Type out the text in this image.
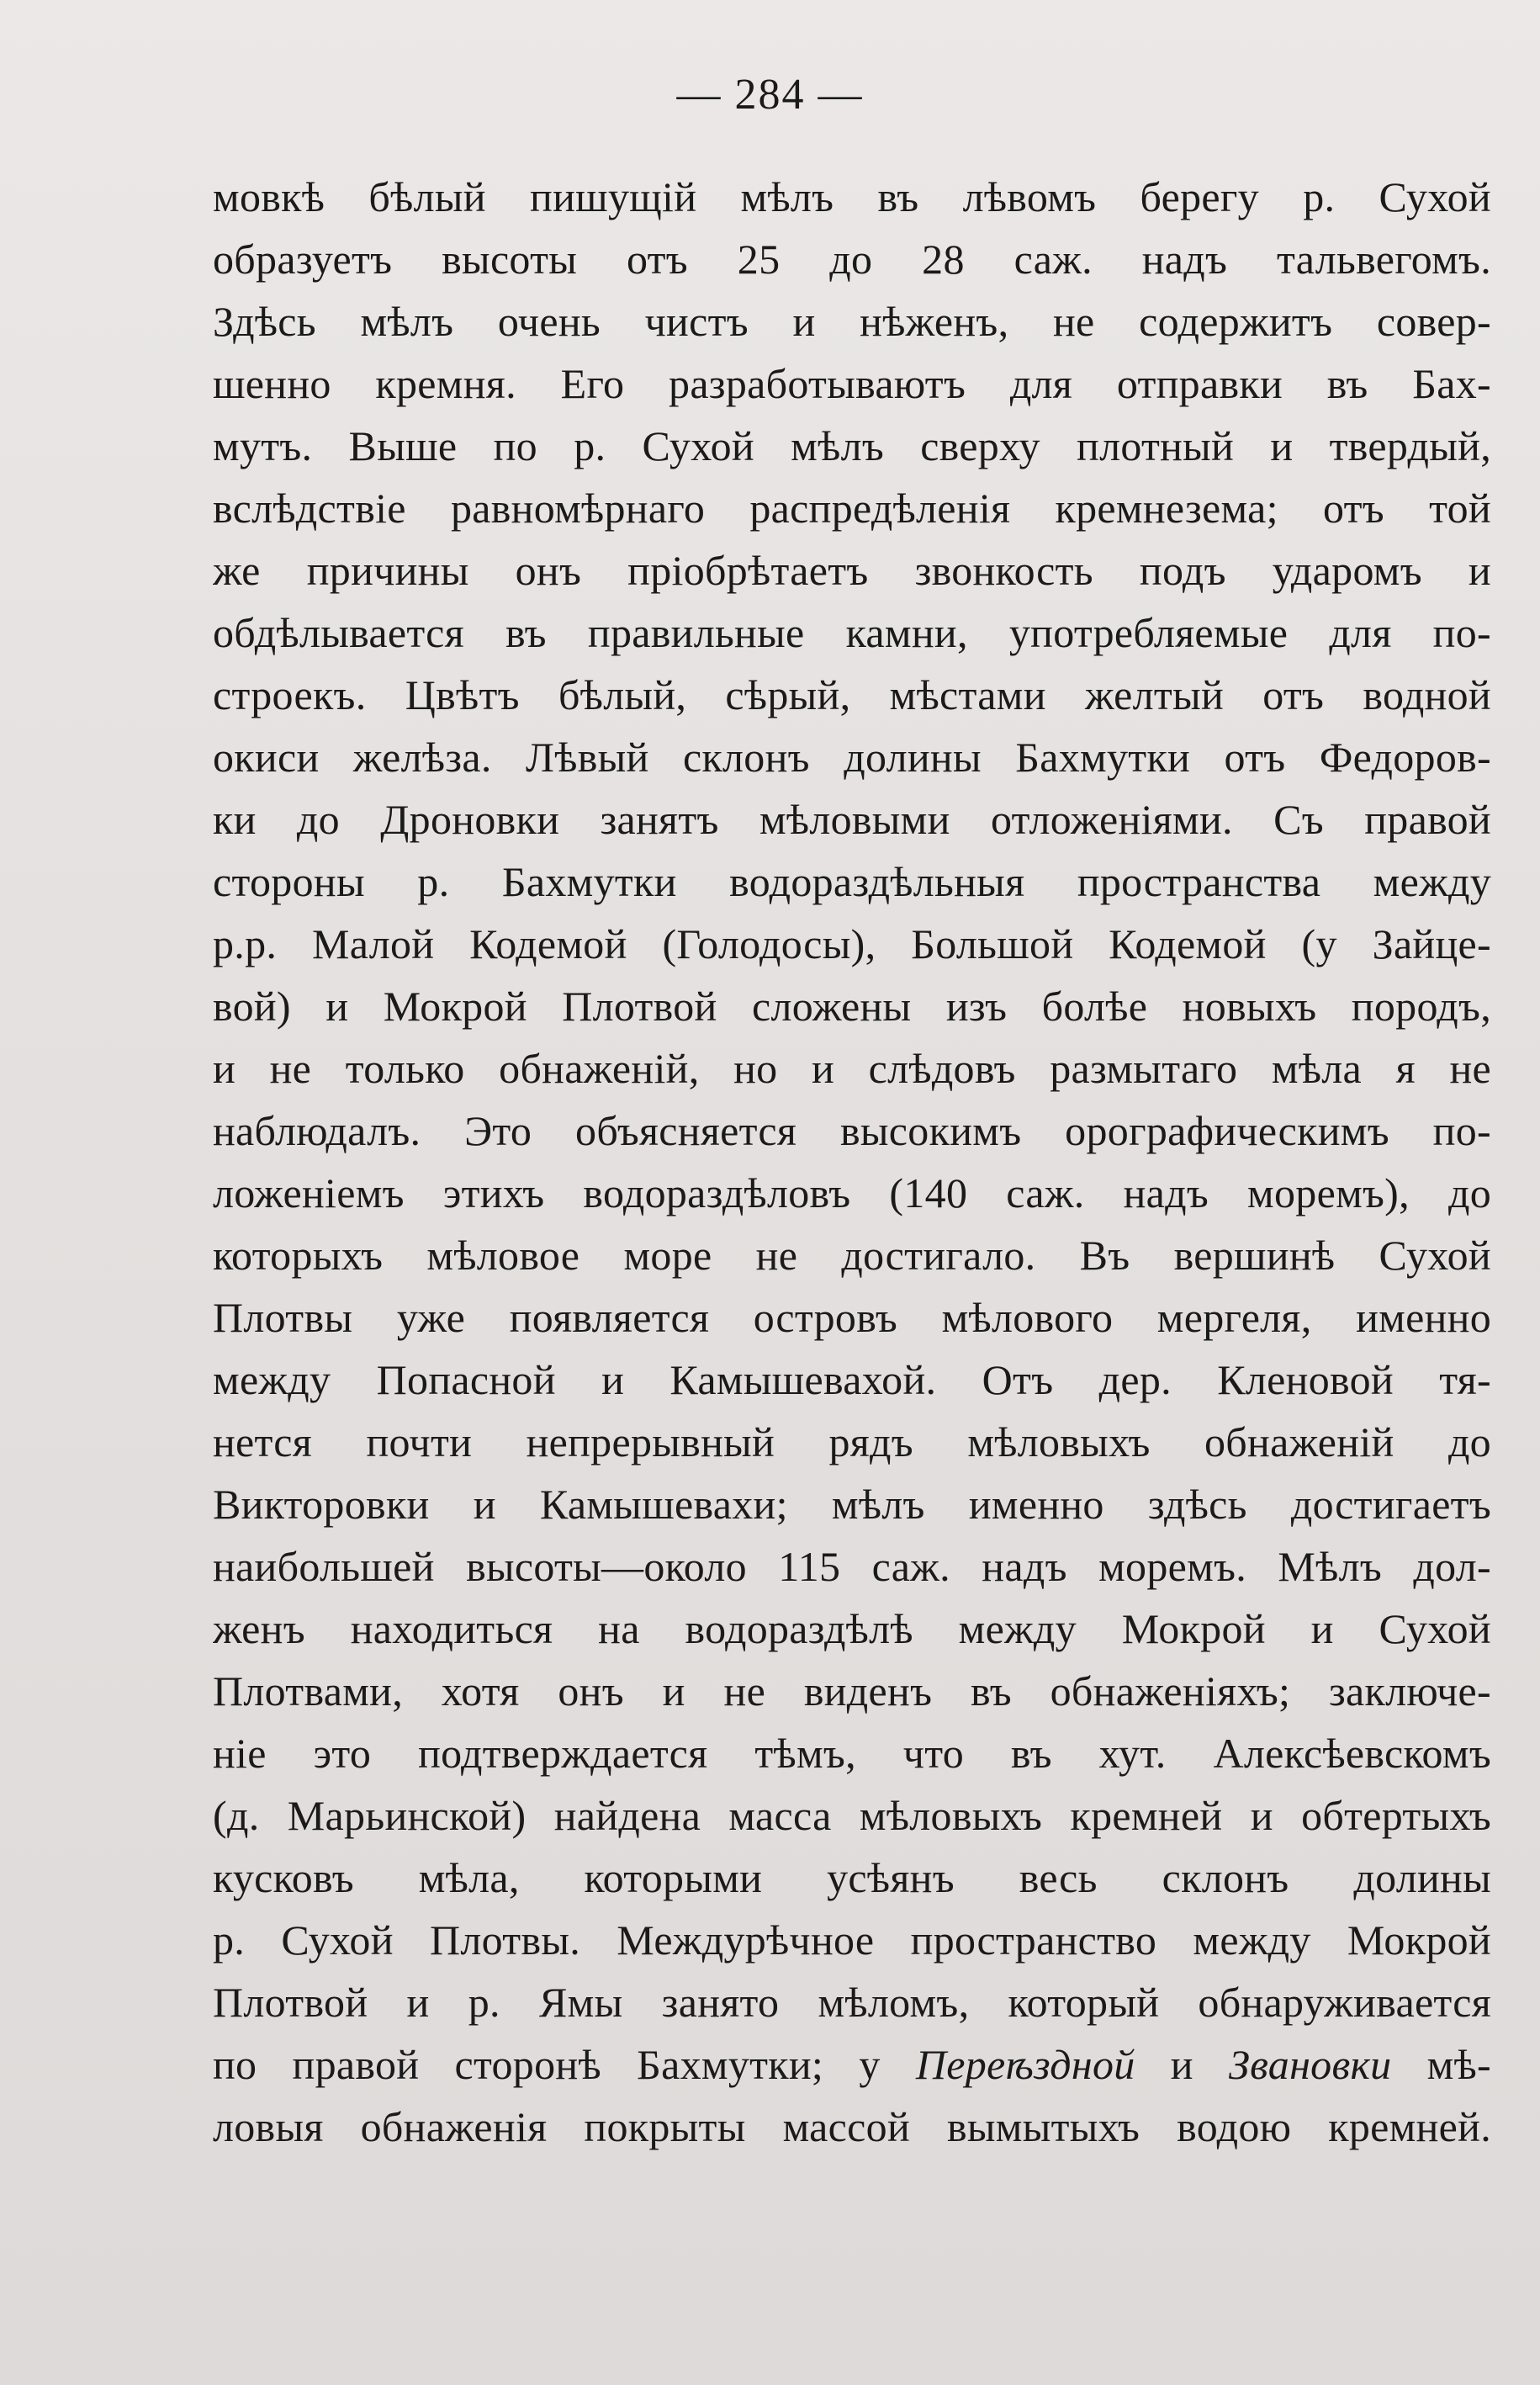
— 284 —
мовкѣ бѣлый пишущій мѣлъ въ лѣвомъ берегу р. Сухой
образуетъ высоты отъ 25 до 28 саж. надъ тальвегомъ.
Здѣсь мѣлъ очень чистъ и нѣженъ, не содержитъ совер-
шенно кремня. Его разработываютъ для отправки въ Бах-
мутъ. Выше по р. Сухой мѣлъ сверху плотный и твердый,
вслѣдствіе равномѣрнаго распредѣленія кремнезема; отъ той
же причины онъ пріобрѣтаетъ звонкость подъ ударомъ и
обдѣлывается въ правильные камни, употребляемые для по-
строекъ. Цвѣтъ бѣлый, сѣрый, мѣстами желтый отъ водной
окиси желѣза. Лѣвый склонъ долины Бахмутки отъ Федоров-
ки до Дроновки занятъ мѣловыми отложеніями. Съ правой
стороны р. Бахмутки водораздѣльныя пространства между
р.р. Малой Кодемой (Голодосы), Большой Кодемой (у Зайце-
вой) и Мокрой Плотвой сложены изъ болѣе новыхъ породъ,
и не только обнаженій, но и слѣдовъ размытаго мѣла я не
наблюдалъ. Это объясняется высокимъ орографическимъ по-
ложеніемъ этихъ водораздѣловъ (140 саж. надъ моремъ), до
которыхъ мѣловое море не достигало. Въ вершинѣ Сухой
Плотвы уже появляется островъ мѣлового мергеля, именно
между Попасной и Камышевахой. Отъ дер. Кленовой тя-
нется почти непрерывный рядъ мѣловыхъ обнаженій до
Викторовки и Камышевахи; мѣлъ именно здѣсь достигаетъ
наибольшей высоты—около 115 саж. надъ моремъ. Мѣлъ дол-
женъ находиться на водораздѣлѣ между Мокрой и Сухой
Плотвами, хотя онъ и не виденъ въ обнаженіяхъ; заключе-
ніе это подтверждается тѣмъ, что въ хут. Алексѣевскомъ
(д. Марьинской) найдена масса мѣловыхъ кремней и обтертыхъ
кусковъ мѣла, которыми усѣянъ весь склонъ долины
р. Сухой Плотвы. Междурѣчное пространство между Мокрой
Плотвой и р. Ямы занято мѣломъ, который обнаруживается
по правой сторонѣ Бахмутки; у Переѣздной и Звановки мѣ-
ловыя обнаженія покрыты массой вымытыхъ водою кремней.
